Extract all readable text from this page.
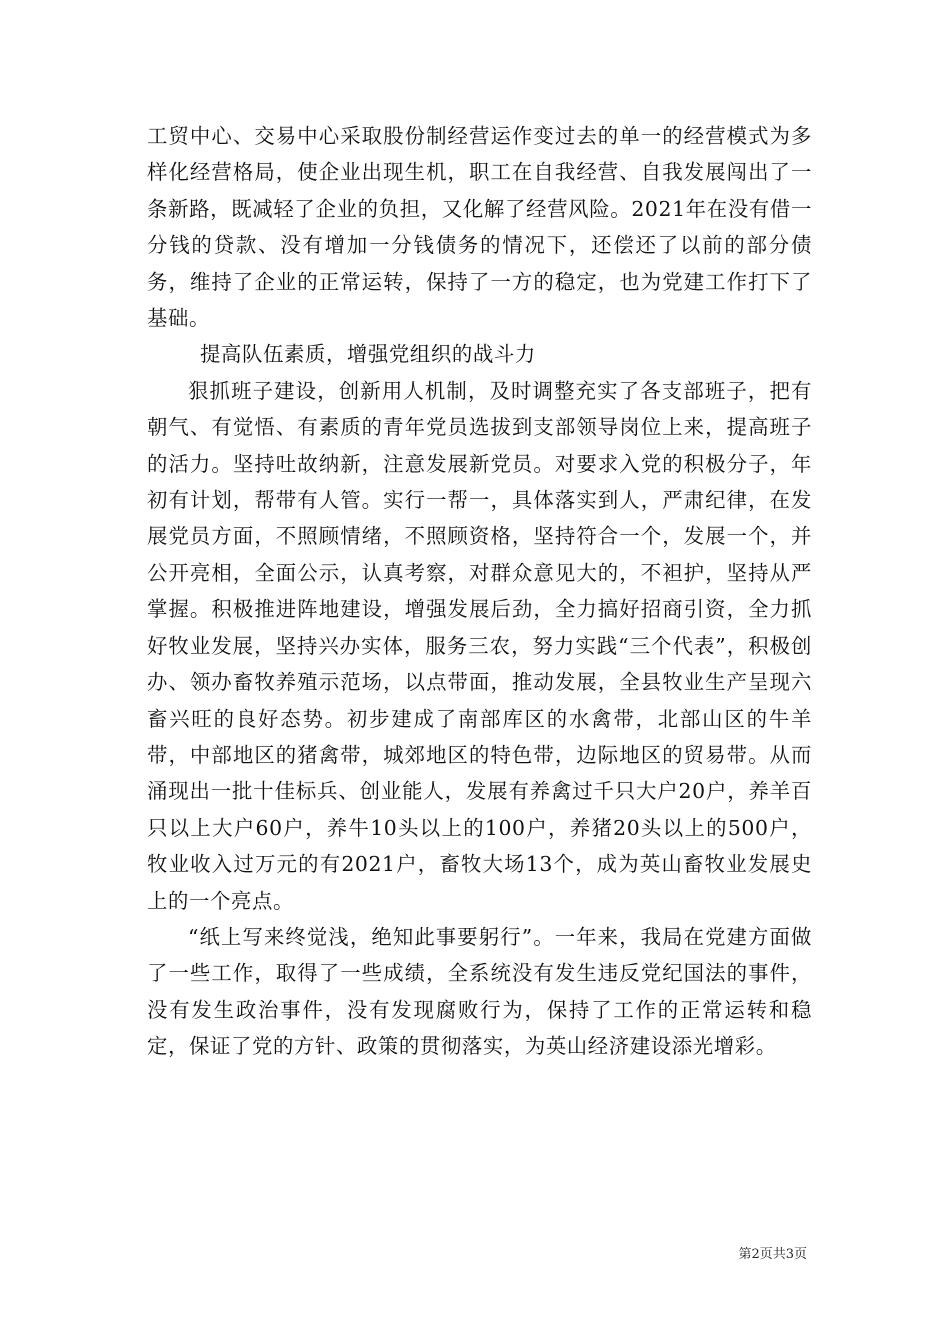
工贸中心、交易中心采取股份制经营运作变过去的单一的经营模式为多样化经营格局，使企业出现生机，职工在自我经营、自我发展闯出了一条新路，既减轻了企业的负担，又化解了经营风险。2021年在没有借一分钱的贷款、没有增加一分钱债务的情况下，还偿还了以前的部分债务，维持了企业的正常运转，保持了一方的稳定，也为党建工作打下了基础。

提高队伍素质，增强党组织的战斗力

狠抓班子建设，创新用人机制，及时调整充实了各支部班子，把有朝气、有觉悟、有素质的青年党员选拔到支部领导岗位上来，提高班子的活力。坚持吐故纳新，注意发展新党员。对要求入党的积极分子，年初有计划，帮带有人管。实行一帮一，具体落实到人，严肃纪律，在发展党员方面，不照顾情绪，不照顾资格，坚持符合一个，发展一个，并公开亮相，全面公示，认真考察，对群众意见大的，不袒护，坚持从严掌握。积极推进阵地建设，增强发展后劲，全力搞好招商引资，全力抓好牧业发展，坚持兴办实体，服务三农，努力实践“三个代表”，积极创办、领办畜牧养殖示范场，以点带面，推动发展，全县牧业生产呈现六畜兴旺的良好态势。初步建成了南部库区的水禽带，北部山区的牛羊带，中部地区的猪禽带，城郊地区的特色带，边际地区的贸易带。从而涌现出一批十佳标兵、创业能人，发展有养禽过千只大户20户，养羊百只以上大户60户，养牛10头以上的100户，养猪20头以上的500户，牧业收入过万元的有2021户，畜牧大场13个，成为英山畜牧业发展史上的一个亮点。

“纸上写来终觉浅，绝知此事要躬行”。一年来，我局在党建方面做了一些工作，取得了一些成绩，全系统没有发生违反党纪国法的事件，没有发生政治事件，没有发现腐败行为，保持了工作的正常运转和稳定，保证了党的方针、政策的贯彻落实，为英山经济建设添光增彩。

第2页共3页
